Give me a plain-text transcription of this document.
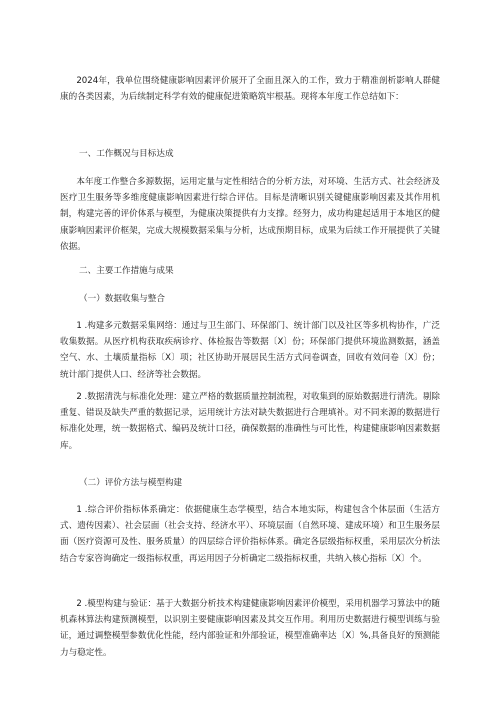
2024年，我单位围绕健康影响因素评价展开了全面且深入的工作，致力于精准剖析影响人群健康的各类因素，为后续制定科学有效的健康促进策略筑牢根基。现将本年度工作总结如下：

一、工作概况与目标达成

本年度工作整合多源数据，运用定量与定性相结合的分析方法，对环境、生活方式、社会经济及医疗卫生服务等多维度健康影响因素进行综合评估。目标是清晰识别关键健康影响因素及其作用机制，构建完善的评价体系与模型，为健康决策提供有力支撑。经努力，成功构建起适用于本地区的健康影响因素评价框架，完成大规模数据采集与分析，达成预期目标，成果为后续工作开展提供了关键依据。

二、主要工作措施与成果

（一）数据收集与整合

1 .构建多元数据采集网络：通过与卫生部门、环保部门、统计部门以及社区等多机构协作，广泛收集数据。从医疗机构获取疾病诊疗、体检报告等数据〔X〕份；环保部门提供环境监测数据，涵盖空气、水、土壤质量指标〔X〕项；社区协助开展居民生活方式问卷调查，回收有效问卷〔X〕份；统计部门提供人口、经济等社会数据。

2 .数据清洗与标准化处理：建立严格的数据质量控制流程，对收集到的原始数据进行清洗。剔除重复、错误及缺失严重的数据记录，运用统计方法对缺失数据进行合理填补。对不同来源的数据进行标准化处理，统一数据格式、编码及统计口径，确保数据的准确性与可比性，构建健康影响因素数据库。

（二）评价方法与模型构建

1 .综合评价指标体系确定：依据健康生态学模型，结合本地实际，构建包含个体层面（生活方式、遗传因素）、社会层面（社会支持、经济水平）、环境层面（自然环境、建成环境）和卫生服务层面（医疗资源可及性、服务质量）的四层综合评价指标体系。确定各层级指标权重，采用层次分析法结合专家咨询确定一级指标权重，再运用因子分析确定二级指标权重，共纳入核心指标〔X〕个。

2 .模型构建与验证：基于大数据分析技术构建健康影响因素评价模型，采用机器学习算法中的随机森林算法构建预测模型，以识别主要健康影响因素及其交互作用。利用历史数据进行模型训练与验证，通过调整模型参数优化性能，经内部验证和外部验证，模型准确率达〔X〕%,具备良好的预测能力与稳定性。
